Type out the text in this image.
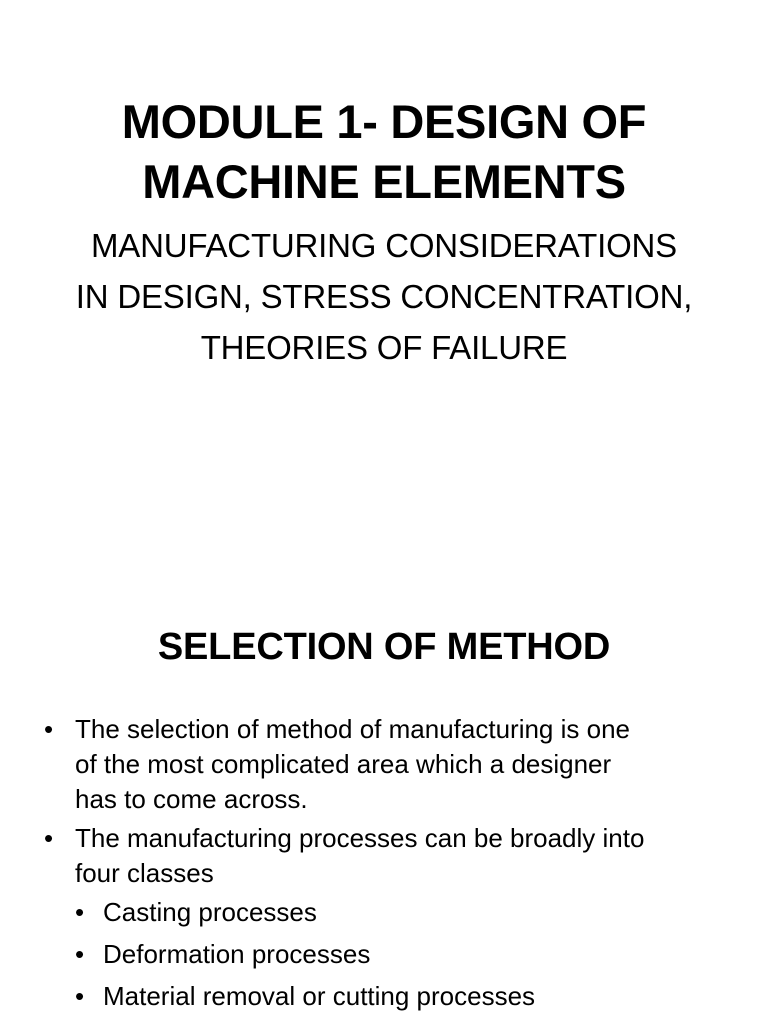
MODULE 1- DESIGN OF
MACHINE ELEMENTS

MANUFACTURING CONSIDERATIONS
IN DESIGN, STRESS CONCENTRATION,
THEORIES OF FAILURE

SELECTION OF METHOD
• The selection of method of manufacturing is one
of the most complicated area which a designer
has to come across.
• The manufacturing processes can be broadly into
four classes
• Casting processes
• Deformation processes
• Material removal or cutting processes
